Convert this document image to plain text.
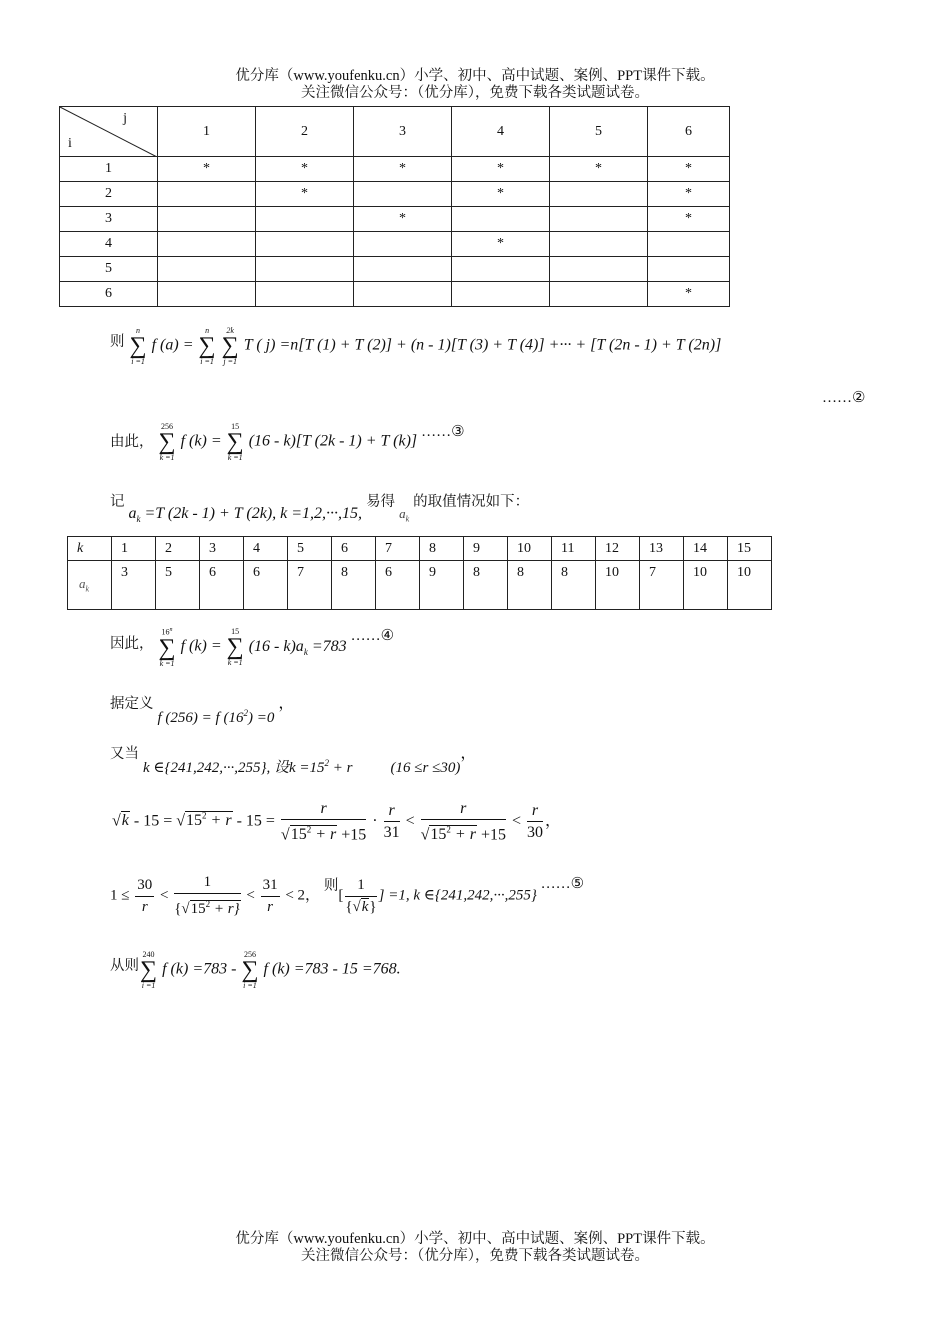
优分库（www.youfenku.cn）小学、初中、高中试题、案例、PPT课件下载。
关注微信公众号：（优分库），免费下载各类试题试卷。
j
i	1	2	3	4	5	6
1	*	*	*	*	*	*
2		*		*		*
3			*			*
4				*		
5						
6						*
则
n
∑
i =1
f (a) =
n
∑
i =1

2k
∑
j =1
T ( j) =n[T (1) + T (2)] + (n - 1)[T (3) + T (4)] +··· + [T (2n - 1) + T (2n)]
……②
由此，
256
∑
k =1
f (k) =
15
∑
k =1
(16 - k)[T (2k - 1) + T (k)] ……③
记 $a_k =T$ (2k - 1) + T (2k), k =1,2,···,15, 易得 $_{a_k}$ 的取值情况如下：
k	1	2	3	4	5	6	7	8	9	10	11	12	13	14	15
$a_k$	3	5	6	6	7	8	6	9	8	8	8	10	7	10	10
因此，
16$^n$
∑
k =1
f (k) =
15
∑
k =1
$(16 - k)a_k =783$ ……④
据定义 f (256) = f $(16^2) =0$ ，
又当 k ∈{241,242,···,255}, 设$k =15^2 + r$	(16 ≤r ≤30)，
$√k - 15 = √15^2 + r - 15 = \frac{r}{√15^2 + r +15} \cdot \frac{r}{31} < \frac{r}{√15^2 + r +15} < \frac{r}{30}$ ，
$1 \le \frac{30}{r} < \frac{1}{\{√15^2 + r\}} < \frac{31}{r} < 2$， 则[ $\frac{1}{\{√k\}}$ ] =1, k ∈{241,242,···,255} ……⑤
从则
240
∑
i =1
f (k) =783 -
256
∑
i =1
f (k) =783 - 15 =768.
优分库（www.youfenku.cn）小学、初中、高中试题、案例、PPT课件下载。
关注微信公众号：（优分库），免费下载各类试题试卷。
